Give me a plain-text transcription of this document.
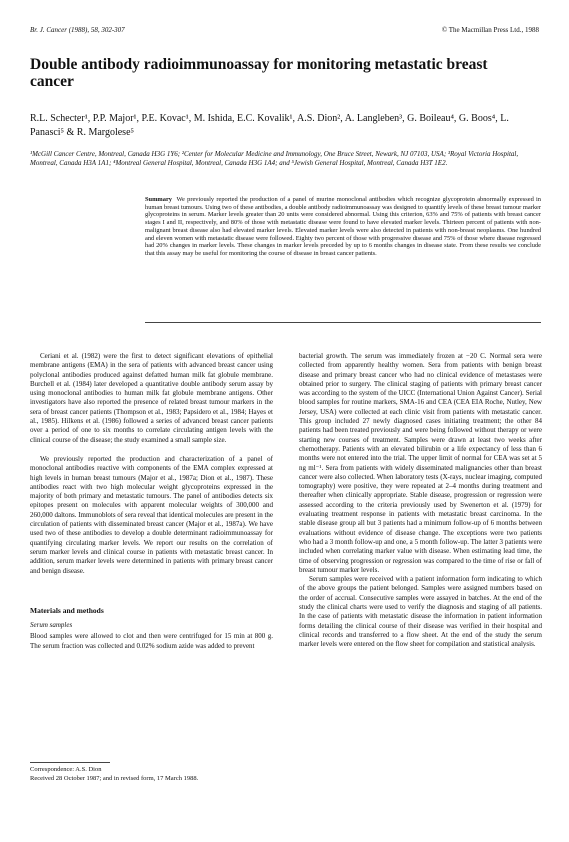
Br. J. Cancer (1988), 58, 302-307	© The Macmillan Press Ltd., 1988
Double antibody radioimmunoassay for monitoring metastatic breast cancer
R.L. Schecter¹, P.P. Major¹, P.E. Kovac¹, M. Ishida, E.C. Kovalik¹, A.S. Dion², A. Langleben³, G. Boileau⁴, G. Boos⁴, L. Panasci⁵ & R. Margolese⁵
¹McGill Cancer Centre, Montreal, Canada H3G 1Y6; ²Center for Molecular Medicine and Immunology, One Bruce Street, Newark, NJ 07103, USA; ³Royal Victoria Hospital, Montreal, Canada H3A 1A1; ⁴Montreal General Hospital, Montreal, Canada H3G 1A4; and ⁵Jewish General Hospital, Montreal, Canada H3T 1E2.
Summary We previously reported the production of a panel of murine monoclonal antibodies which recognize glycoprotein abnormally expressed in human breast tumours. Using two of these antibodies, a double antibody radioimmunoassay was designed to quantify levels of these breast tumour marker glycoproteins in serum. Marker levels greater than 20 units were considered abnormal. Using this criterion, 63% and 75% of patients with breast cancer stages I and II, respectively, and 80% of those with metastatic disease were found to have elevated marker levels. Thirteen percent of patients with non-malignant breast disease also had elevated marker levels. Elevated marker levels were also detected in patients with non-breast neoplasms. One hundred and eleven women with metastatic disease were followed. Eighty two percent of those with progressive disease and 75% of those where disease regressed had 20% changes in marker levels. These changes in marker levels preceded by up to 6 months changes in disease state. From these results we conclude that this assay may be useful for monitoring the course of disease in breast cancer patients.

Ceriani et al. (1982) were the first to detect significant elevations of epithelial membrane antigens (EMA) in the sera of patients with advanced breast cancer using polyclonal antibodies produced against defatted human milk fat globule membrane. Burchell et al. (1984) later developed a quantitative double antibody serum assay by using monoclonal antibodies to human milk fat globule membrane antigens. Other investigators have also reported the presence of related breast tumour markers in the sera of breast cancer patients (Thompson et al., 1983; Papsidero et al., 1984; Hayes et al., 1985). Hilkens et al. (1986) followed a series of advanced breast cancer patients over a period of one to six months to correlate circulating antigen levels with the clinical course of the disease; the study examined a small sample size.

We previously reported the production and characterization of a panel of monoclonal antibodies reactive with components of the EMA complex expressed at high levels in human breast tumours (Major et al., 1987a; Dion et al., 1987). These antibodies react with two high molecular weight glycoproteins expressed in the majority of both primary and metastatic tumours. The panel of antibodies detects six epitopes present on molecules with apparent molecular weights of 300,000 and 260,000 daltons. Immunoblots of sera reveal that identical molecules are present in the circulation of patients with disseminated breast cancer (Major et al., 1987a). We have used two of these antibodies to develop a double determinant radioimmunoassay for quantifying circulating marker levels. We report our results on the correlation of serum marker levels and clinical course in patients with metastatic breast cancer. In addition, serum marker levels were determined in patients with primary breast cancer and benign disease.

Materials and methods
Serum samples

Blood samples were allowed to clot and then were centrifuged for 15 min at 800 g. The serum fraction was collected and 0.02% sodium azide was added to prevent

bacterial growth. The serum was immediately frozen at −20 C. Normal sera were collected from apparently healthy women. Sera from patients with benign breast disease and primary breast cancer who had no clinical evidence of metastases were obtained prior to surgery. The clinical staging of patients with primary breast cancer was according to the system of the UICC (International Union Against Cancer). Serial blood samples for routine markers, SMA-16 and CEA (CEA EIA Roche, Nutley, New Jersey, USA) were collected at each clinic visit from patients with metastatic cancer. This group included 27 newly diagnosed cases initiating treatment; the other 84 patients had been treated previously and were being followed without therapy or were starting new courses of treatment. Samples were drawn at least two weeks after chemotherapy. Patients with an elevated bilirubin or a life expectancy of less than 6 months were not entered into the trial. The upper limit of normal for CEA was set at 5 ng ml⁻¹. Sera from patients with widely disseminated malignancies other than breast cancer were also collected. When laboratory tests (X-rays, nuclear imaging, computed tomography) were positive, they were repeated at 2–4 months during treatment and thereafter when clinically appropriate. Stable disease, progression or regression were assessed according to the criteria previously used by Swenerton et al. (1979) for evaluating treatment response in patients with metastatic breast carcinoma. In the stable disease group all but 3 patients had a minimum follow-up of 6 months between evaluations without evidence of disease change. The exceptions were two patients who had a 3 month follow-up and one, a 5 month follow-up. The latter 3 patients were included when correlating marker value with disease. When estimating lead time, the time of observing progression or regression was compared to the time of rise or fall of breast tumour marker levels.

Serum samples were received with a patient information form indicating to which of the above groups the patient belonged. Samples were assigned numbers based on the order of accrual. Consecutive samples were assayed in batches. At the end of the study the clinical charts were used to verify the diagnosis and staging of all patients. In the case of patients with metastatic disease the information in patient information forms detailing the clinical course of their disease was verified in their hospital and clinical records and transferred to a flow sheet. At the end of the study the serum marker levels were entered on the flow sheet for compilation and statistical analysis.

Correspondence: A.S. Dion
Received 28 October 1987; and in revised form, 17 March 1988.
